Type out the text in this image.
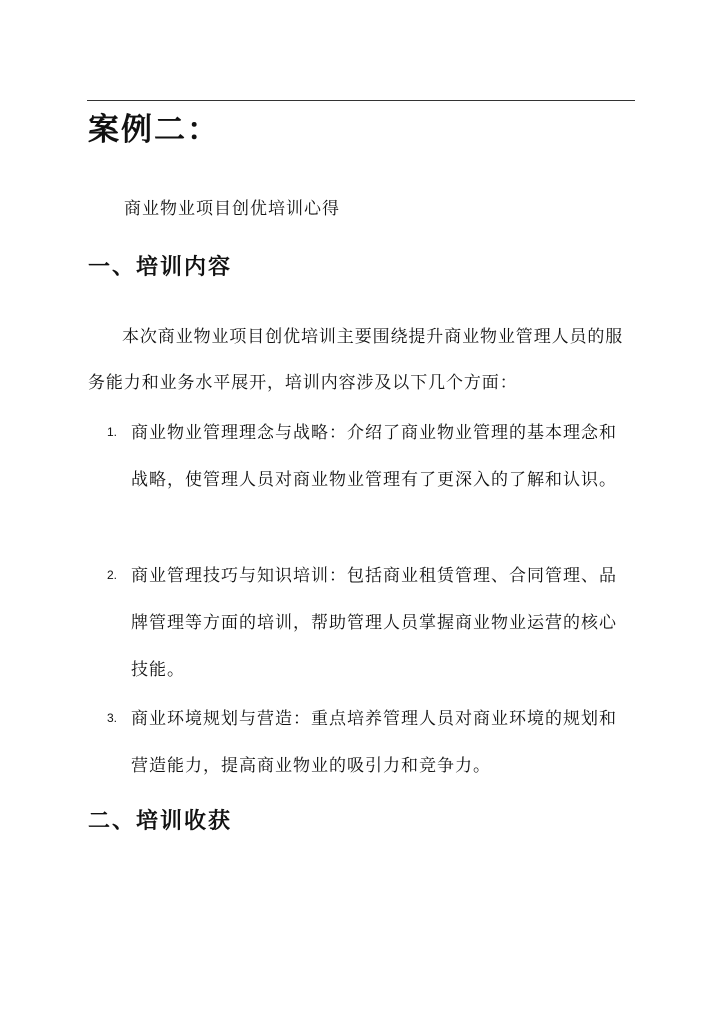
案例二：
商业物业项目创优培训心得
一、培训内容

本次商业物业项目创优培训主要围绕提升商业物业管理人员的服务能力和业务水平展开，培训内容涉及以下几个方面：

1. 商业物业管理理念与战略：介绍了商业物业管理的基本理念和战略，使管理人员对商业物业管理有了更深入的了解和认识。
2. 商业管理技巧与知识培训：包括商业租赁管理、合同管理、品牌管理等方面的培训，帮助管理人员掌握商业物业运营的核心技能。
3. 商业环境规划与营造：重点培养管理人员对商业环境的规划和营造能力，提高商业物业的吸引力和竞争力。
二、培训收获
